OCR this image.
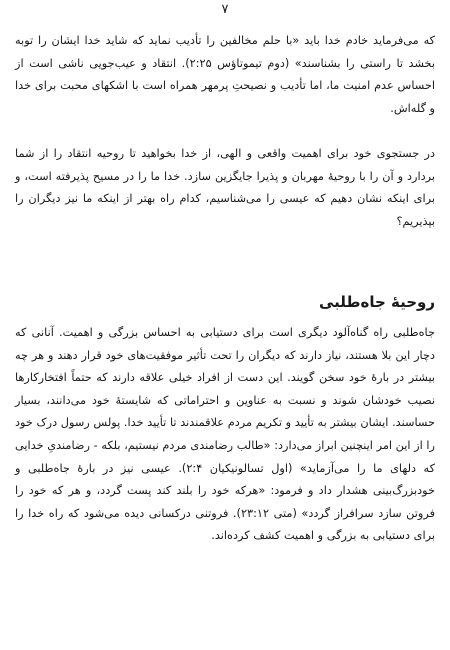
۷

که می‌فرماید خادم خدا باید «با حلم مخالفین را تأدیب نماید که شاید خدا ایشان را توبه بخشد تا راستی را بشناسند» (دوم تیموتاؤس ۲:۲۵). انتقاد و عیب‌جویی ناشی است از احساس عدم امنیت ما، اما تأدیب و نصیحتِ پرمهر همراه است با اشکهای محبت برای خدا و گله‌اش.

در جستجوی خود برای اهمیت واقعی و الهی، از خدا بخواهید تا روحیه انتقاد را از شما بردارد و آن را با روحیهٔ مهربان و پذیرا جایگزین سازد. خدا ما را در مسیح پذیرفته است، و برای اینکه نشان دهیم که عیسی را می‌شناسیم، کدام راه بهتر از اینکه ما نیز دیگران را بپذیریم؟

روحیهٔ جاه‌طلبی

جاه‌طلبی راه گناه‌آلود دیگری است برای دستیابی به احساس بزرگی و اهمیت. آنانی که دچار این بلا هستند، نیاز دارند که دیگران را تحت تأثیر موفقیت‌های خود قرار دهند و هر چه بیشتر در بارهٔ خود سخن گویند. این دست از افراد خیلی علاقه دارند که حتماً افتخارکارها نصیب خودشان شوند و نسبت به عناوین و احتراماتی که شایستهٔ خود می‌دانند، بسیار حساسند. ایشان بیشتر به تأیید و تکریم مردم علاقمندند تا تأیید خدا. پولس رسول درک خود را از این امر اینچنین ابراز می‌دارد: «طالب رضامندی مردم نیستیم، بلکه - رضامندیِ خدایی که دلهای ما را می‌آزماید» (اول تسالونیکیان ۲:۴). عیسی نیز در بارهٔ جاه‌طلبی و خودبزرگ‌بینی هشدار داد و فرمود: «هرکه خود را بلند کند پست گردد، و هر که خود را فروتن سازد سرافراز گردد» (متی ۲۳:۱۲). فروتنی درکسانی دیده می‌شود که راه خدا را برای دستیابی به بزرگی و اهمیت کشف کرده‌اند.
